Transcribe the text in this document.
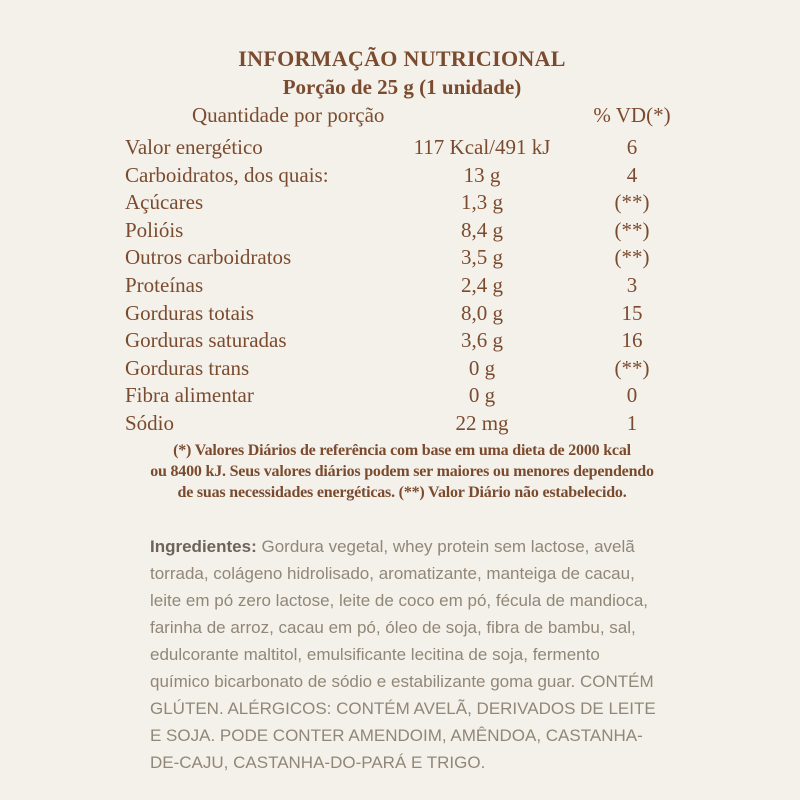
INFORMAÇÃO NUTRICIONAL
Porção de 25 g (1 unidade)
Quantidade por porção	% VD(*)
Valor energético	117 Kcal/491 kJ	6
Carboidratos, dos quais:	13 g	4
Açúcares	1,3 g	(**)
Polióis	8,4 g	(**)
Outros carboidratos	3,5 g	(**)
Proteínas	2,4 g	3
Gorduras totais	8,0 g	15
Gorduras saturadas	3,6 g	16
Gorduras trans	0 g	(**)
Fibra alimentar	0 g	0
Sódio	22 mg	1
(*) Valores Diários de referência com base em uma dieta de 2000 kcal
ou 8400 kJ. Seus valores diários podem ser maiores ou menores dependendo
de suas necessidades energéticas. (**) Valor Diário não estabelecido.

Ingredientes: Gordura vegetal, whey protein sem lactose, avelã torrada, colágeno hidrolisado, aromatizante, manteiga de cacau, leite em pó zero lactose, leite de coco em pó, fécula de mandioca, farinha de arroz, cacau em pó, óleo de soja, fibra de bambu, sal, edulcorante maltitol, emulsificante lecitina de soja, fermento químico bicarbonato de sódio e estabilizante goma guar. CONTÉM GLÚTEN. ALÉRGICOS: CONTÉM AVELÃ, DERIVADOS DE LEITE E SOJA. PODE CONTER AMENDOIM, AMÊNDOA, CASTANHA-DE-CAJU, CASTANHA-DO-PARÁ E TRIGO.
